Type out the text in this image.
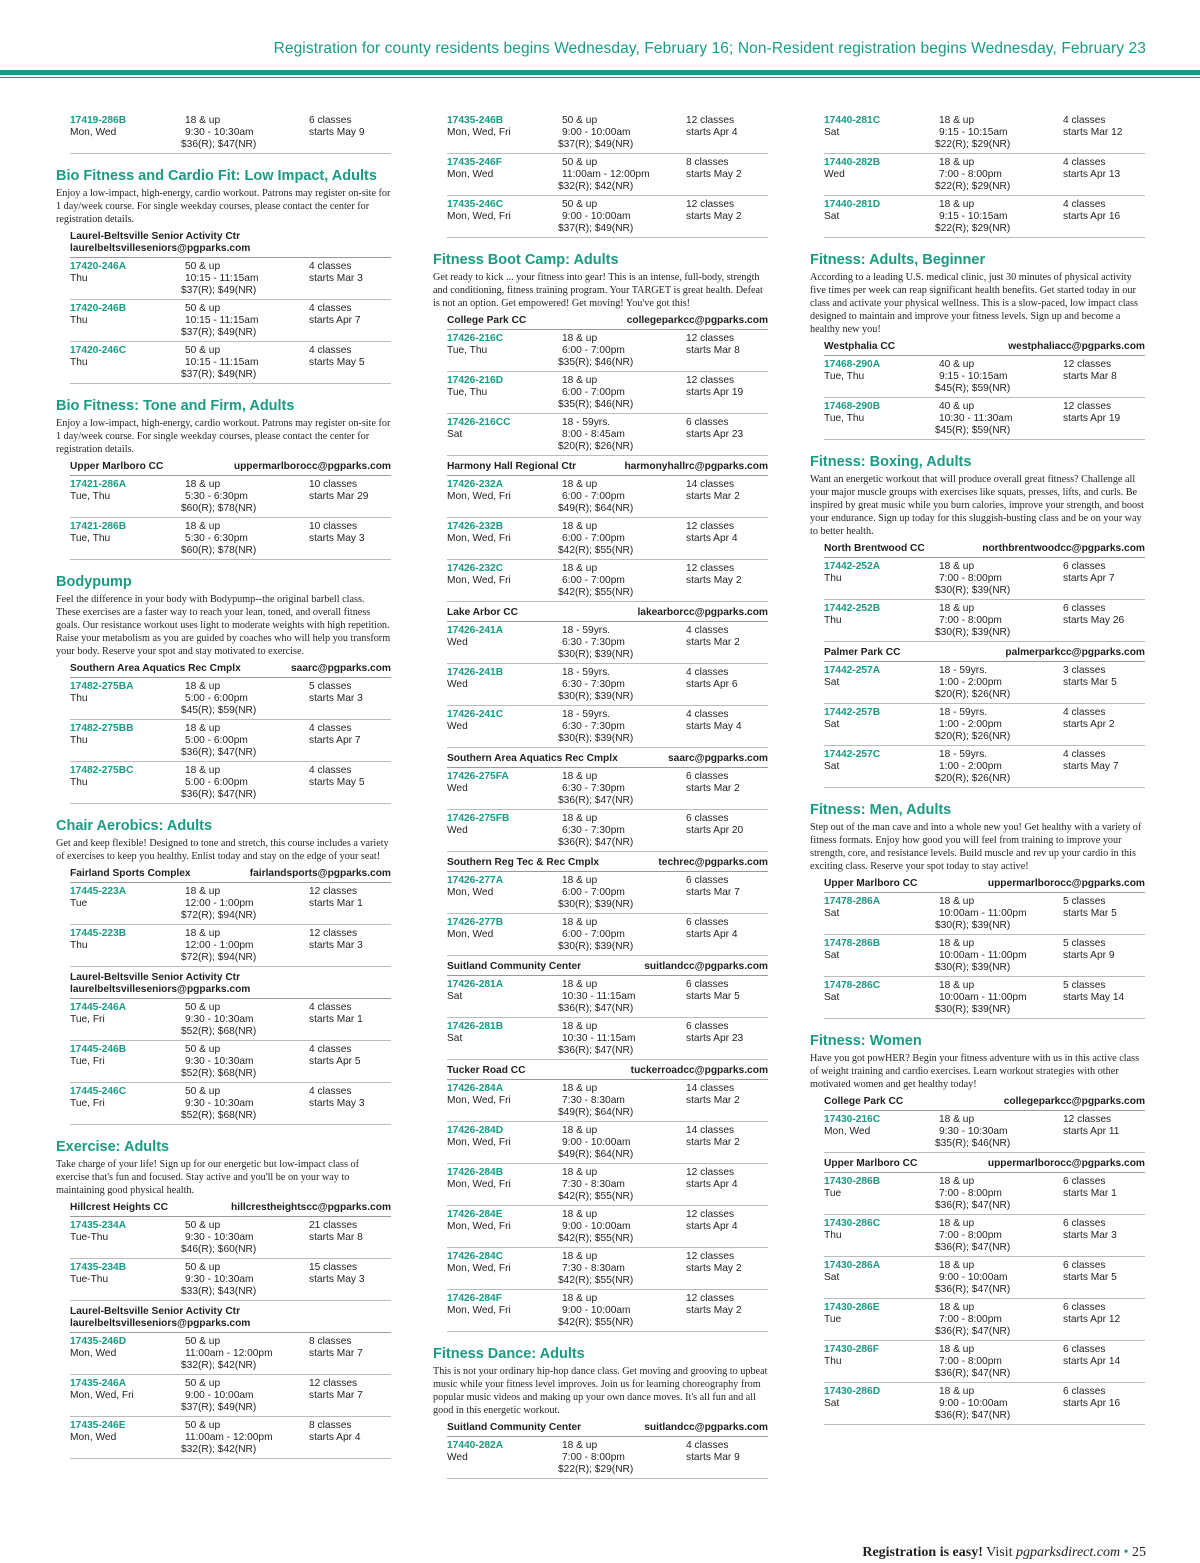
Registration for county residents begins Wednesday, February 16; Non-Resident registration begins Wednesday, February 23
17419-286B	18 & up	6 classes
Mon, Wed	9:30 - 10:30am	starts May 9
$36(R); $47(NR)
Bio Fitness and Cardio Fit: Low Impact, Adults
Enjoy a low-impact, high-energy, cardio workout. Patrons may register on-site for 1 day/week course. For single weekday courses, please contact the center for registration details.
Laurel-Beltsville Senior Activity Ctr
laurelbeltsvilleseniors@pgparks.com
17420-246A	50 & up	4 classes
Thu	10:15 - 11:15am	starts Mar 3
$37(R); $49(NR)
17420-246B	50 & up	4 classes
Thu	10:15 - 11:15am	starts Apr 7
$37(R); $49(NR)
17420-246C	50 & up	4 classes
Thu	10:15 - 11:15am	starts May 5
$37(R); $49(NR)
Bio Fitness: Tone and Firm, Adults
Enjoy a low-impact, high-energy, cardio workout. Patrons may register on-site for 1 day/week course. For single weekday courses, please contact the center for registration details.
Upper Marlboro CC	uppermarlborocc@pgparks.com
17421-286A	18 & up	10 classes
Tue, Thu	5:30 - 6:30pm	starts Mar 29
$60(R); $78(NR)
17421-286B	18 & up	10 classes
Tue, Thu	5:30 - 6:30pm	starts May 3
$60(R); $78(NR)
Bodypump
Feel the difference in your body with Bodypump--the original barbell class. These exercises are a faster way to reach your lean, toned, and overall fitness goals. Our resistance workout uses light to moderate weights with high repetition. Raise your metabolism as you are guided by coaches who will help you transform your body. Reserve your spot and stay motivated to exercise.
Southern Area Aquatics Rec Cmplx	saarc@pgparks.com
17482-275BA	18 & up	5 classes
Thu	5:00 - 6:00pm	starts Mar 3
$45(R); $59(NR)
17482-275BB	18 & up	4 classes
Thu	5:00 - 6:00pm	starts Apr 7
$36(R); $47(NR)
17482-275BC	18 & up	4 classes
Thu	5:00 - 6:00pm	starts May 5
$36(R); $47(NR)
Chair Aerobics: Adults
Get and keep flexible! Designed to tone and stretch, this course includes a variety of exercises to keep you healthy. Enlist today and stay on the edge of your seat!
Fairland Sports Complex	fairlandsports@pgparks.com
17445-223A	18 & up	12 classes
Tue	12:00 - 1:00pm	starts Mar 1
$72(R); $94(NR)
17445-223B	18 & up	12 classes
Thu	12:00 - 1:00pm	starts Mar 3
$72(R); $94(NR)
Laurel-Beltsville Senior Activity Ctr
laurelbeltsvilleseniors@pgparks.com
17445-246A	50 & up	4 classes
Tue, Fri	9:30 - 10:30am	starts Mar 1
$52(R); $68(NR)
17445-246B	50 & up	4 classes
Tue, Fri	9:30 - 10:30am	starts Apr 5
$52(R); $68(NR)
17445-246C	50 & up	4 classes
Tue, Fri	9:30 - 10:30am	starts May 3
$52(R); $68(NR)
Exercise: Adults
Take charge of your life! Sign up for our energetic but low-impact class of exercise that's fun and focused. Stay active and you'll be on your way to maintaining good physical health.
Hillcrest Heights CC	hillcrestheightscc@pgparks.com
17435-234A	50 & up	21 classes
Tue-Thu	9:30 - 10:30am	starts Mar 8
$46(R); $60(NR)
17435-234B	50 & up	15 classes
Tue-Thu	9:30 - 10:30am	starts May 3
$33(R); $43(NR)
Laurel-Beltsville Senior Activity Ctr
laurelbeltsvilleseniors@pgparks.com
17435-246D	50 & up	8 classes
Mon, Wed	11:00am - 12:00pm	starts Mar 7
$32(R); $42(NR)
17435-246A	50 & up	12 classes
Mon, Wed, Fri	9:00 - 10:00am	starts Mar 7
$37(R); $49(NR)
17435-246E	50 & up	8 classes
Mon, Wed	11:00am - 12:00pm	starts Apr 4
$32(R); $42(NR)
17435-246B	50 & up	12 classes
Mon, Wed, Fri	9:00 - 10:00am	starts Apr 4
$37(R); $49(NR)
17435-246F	50 & up	8 classes
Mon, Wed	11:00am - 12:00pm	starts May 2
$32(R); $42(NR)
17435-246C	50 & up	12 classes
Mon, Wed, Fri	9:00 - 10:00am	starts May 2
$37(R); $49(NR)
Fitness Boot Camp: Adults
Get ready to kick ... your fitness into gear! This is an intense, full-body, strength and conditioning, fitness training program. Your TARGET is great health. Defeat is not an option. Get empowered! Get moving! You've got this!
College Park CC	collegeparkcc@pgparks.com
17426-216C	18 & up	12 classes
Tue, Thu	6:00 - 7:00pm	starts Mar 8
$35(R); $46(NR)
17426-216D	18 & up	12 classes
Tue, Thu	6:00 - 7:00pm	starts Apr 19
$35(R); $46(NR)
17426-216CC	18 - 59yrs.	6 classes
Sat	8:00 - 8:45am	starts Apr 23
$20(R); $26(NR)
Harmony Hall Regional Ctr	harmonyhallrc@pgparks.com
17426-232A	18 & up	14 classes
Mon, Wed, Fri	6:00 - 7:00pm	starts Mar 2
$49(R); $64(NR)
17426-232B	18 & up	12 classes
Mon, Wed, Fri	6:00 - 7:00pm	starts Apr 4
$42(R); $55(NR)
17426-232C	18 & up	12 classes
Mon, Wed, Fri	6:00 - 7:00pm	starts May 2
$42(R); $55(NR)
Lake Arbor CC	lakearborcc@pgparks.com
17426-241A	18 - 59yrs.	4 classes
Wed	6:30 - 7:30pm	starts Mar 2
$30(R); $39(NR)
17426-241B	18 - 59yrs.	4 classes
Wed	6:30 - 7:30pm	starts Apr 6
$30(R); $39(NR)
17426-241C	18 - 59yrs.	4 classes
Wed	6:30 - 7:30pm	starts May 4
$30(R); $39(NR)
Southern Area Aquatics Rec Cmplx	saarc@pgparks.com
17426-275FA	18 & up	6 classes
Wed	6:30 - 7:30pm	starts Mar 2
$36(R); $47(NR)
17426-275FB	18 & up	6 classes
Wed	6:30 - 7:30pm	starts Apr 20
$36(R); $47(NR)
Southern Reg Tec & Rec Cmplx	techrec@pgparks.com
17426-277A	18 & up	6 classes
Mon, Wed	6:00 - 7:00pm	starts Mar 7
$30(R); $39(NR)
17426-277B	18 & up	6 classes
Mon, Wed	6:00 - 7:00pm	starts Apr 4
$30(R); $39(NR)
Suitland Community Center	suitlandcc@pgparks.com
17426-281A	18 & up	6 classes
Sat	10:30 - 11:15am	starts Mar 5
$36(R); $47(NR)
17426-281B	18 & up	6 classes
Sat	10:30 - 11:15am	starts Apr 23
$36(R); $47(NR)
Tucker Road CC	tuckerroadcc@pgparks.com
17426-284A	18 & up	14 classes
Mon, Wed, Fri	7:30 - 8:30am	starts Mar 2
$49(R); $64(NR)
17426-284D	18 & up	14 classes
Mon, Wed, Fri	9:00 - 10:00am	starts Mar 2
$49(R); $64(NR)
17426-284B	18 & up	12 classes
Mon, Wed, Fri	7:30 - 8:30am	starts Apr 4
$42(R); $55(NR)
17426-284E	18 & up	12 classes
Mon, Wed, Fri	9:00 - 10:00am	starts Apr 4
$42(R); $55(NR)
17426-284C	18 & up	12 classes
Mon, Wed, Fri	7:30 - 8:30am	starts May 2
$42(R); $55(NR)
17426-284F	18 & up	12 classes
Mon, Wed, Fri	9:00 - 10:00am	starts May 2
$42(R); $55(NR)
Fitness Dance: Adults
This is not your ordinary hip-hop dance class. Get moving and grooving to upbeat music while your fitness level improves. Join us for learning choreography from popular music videos and making up your own dance moves. It's all fun and all good in this energetic workout.
Suitland Community Center	suitlandcc@pgparks.com
17440-282A	18 & up	4 classes
Wed	7:00 - 8:00pm	starts Mar 9
$22(R); $29(NR)
17440-281C	18 & up	4 classes
Sat	9:15 - 10:15am	starts Mar 12
$22(R); $29(NR)
17440-282B	18 & up	4 classes
Wed	7:00 - 8:00pm	starts Apr 13
$22(R); $29(NR)
17440-281D	18 & up	4 classes
Sat	9:15 - 10:15am	starts Apr 16
$22(R); $29(NR)
Fitness: Adults, Beginner
According to a leading U.S. medical clinic, just 30 minutes of physical activity five times per week can reap significant health benefits. Get started today in our class and activate your physical wellness. This is a slow-paced, low impact class designed to maintain and improve your fitness levels. Sign up and become a healthy new you!
Westphalia CC	westphaliacc@pgparks.com
17468-290A	40 & up	12 classes
Tue, Thu	9:15 - 10:15am	starts Mar 8
$45(R); $59(NR)
17468-290B	40 & up	12 classes
Tue, Thu	10:30 - 11:30am	starts Apr 19
$45(R); $59(NR)
Fitness: Boxing, Adults
Want an energetic workout that will produce overall great fitness? Challenge all your major muscle groups with exercises like squats, presses, lifts, and curls. Be inspired by great music while you burn calories, improve your strength, and boost your endurance. Sign up today for this sluggish-busting class and be on your way to better health.
North Brentwood CC	northbrentwoodcc@pgparks.com
17442-252A	18 & up	6 classes
Thu	7:00 - 8:00pm	starts Apr 7
$30(R); $39(NR)
17442-252B	18 & up	6 classes
Thu	7:00 - 8:00pm	starts May 26
$30(R); $39(NR)
Palmer Park CC	palmerparkcc@pgparks.com
17442-257A	18 - 59yrs.	3 classes
Sat	1:00 - 2:00pm	starts Mar 5
$20(R); $26(NR)
17442-257B	18 - 59yrs.	4 classes
Sat	1:00 - 2:00pm	starts Apr 2
$20(R); $26(NR)
17442-257C	18 - 59yrs.	4 classes
Sat	1:00 - 2:00pm	starts May 7
$20(R); $26(NR)
Fitness: Men, Adults
Step out of the man cave and into a whole new you! Get healthy with a variety of fitness formats. Enjoy how good you will feel from training to improve your strength, core, and resistance levels. Build muscle and rev up your cardio in this exciting class. Reserve your spot today to stay active!
Upper Marlboro CC	uppermarlborocc@pgparks.com
17478-286A	18 & up	5 classes
Sat	10:00am - 11:00pm	starts Mar 5
$30(R); $39(NR)
17478-286B	18 & up	5 classes
Sat	10:00am - 11:00pm	starts Apr 9
$30(R); $39(NR)
17478-286C	18 & up	5 classes
Sat	10:00am - 11:00pm	starts May 14
$30(R); $39(NR)
Fitness: Women
Have you got powHER? Begin your fitness adventure with us in this active class of weight training and cardio exercises. Learn workout strategies with other motivated women and get healthy today!
College Park CC	collegeparkcc@pgparks.com
17430-216C	18 & up	12 classes
Mon, Wed	9:30 - 10:30am	starts Apr 11
$35(R); $46(NR)
Upper Marlboro CC	uppermarlborocc@pgparks.com
17430-286B	18 & up	6 classes
Tue	7:00 - 8:00pm	starts Mar 1
$36(R); $47(NR)
17430-286C	18 & up	6 classes
Thu	7:00 - 8:00pm	starts Mar 3
$36(R); $47(NR)
17430-286A	18 & up	6 classes
Sat	9:00 - 10:00am	starts Mar 5
$36(R); $47(NR)
17430-286E	18 & up	6 classes
Tue	7:00 - 8:00pm	starts Apr 12
$36(R); $47(NR)
17430-286F	18 & up	6 classes
Thu	7:00 - 8:00pm	starts Apr 14
$36(R); $47(NR)
17430-286D	18 & up	6 classes
Sat	9:00 - 10:00am	starts Apr 16
$36(R); $47(NR)
Registration is easy! Visit pgparksdirect.com • 25
